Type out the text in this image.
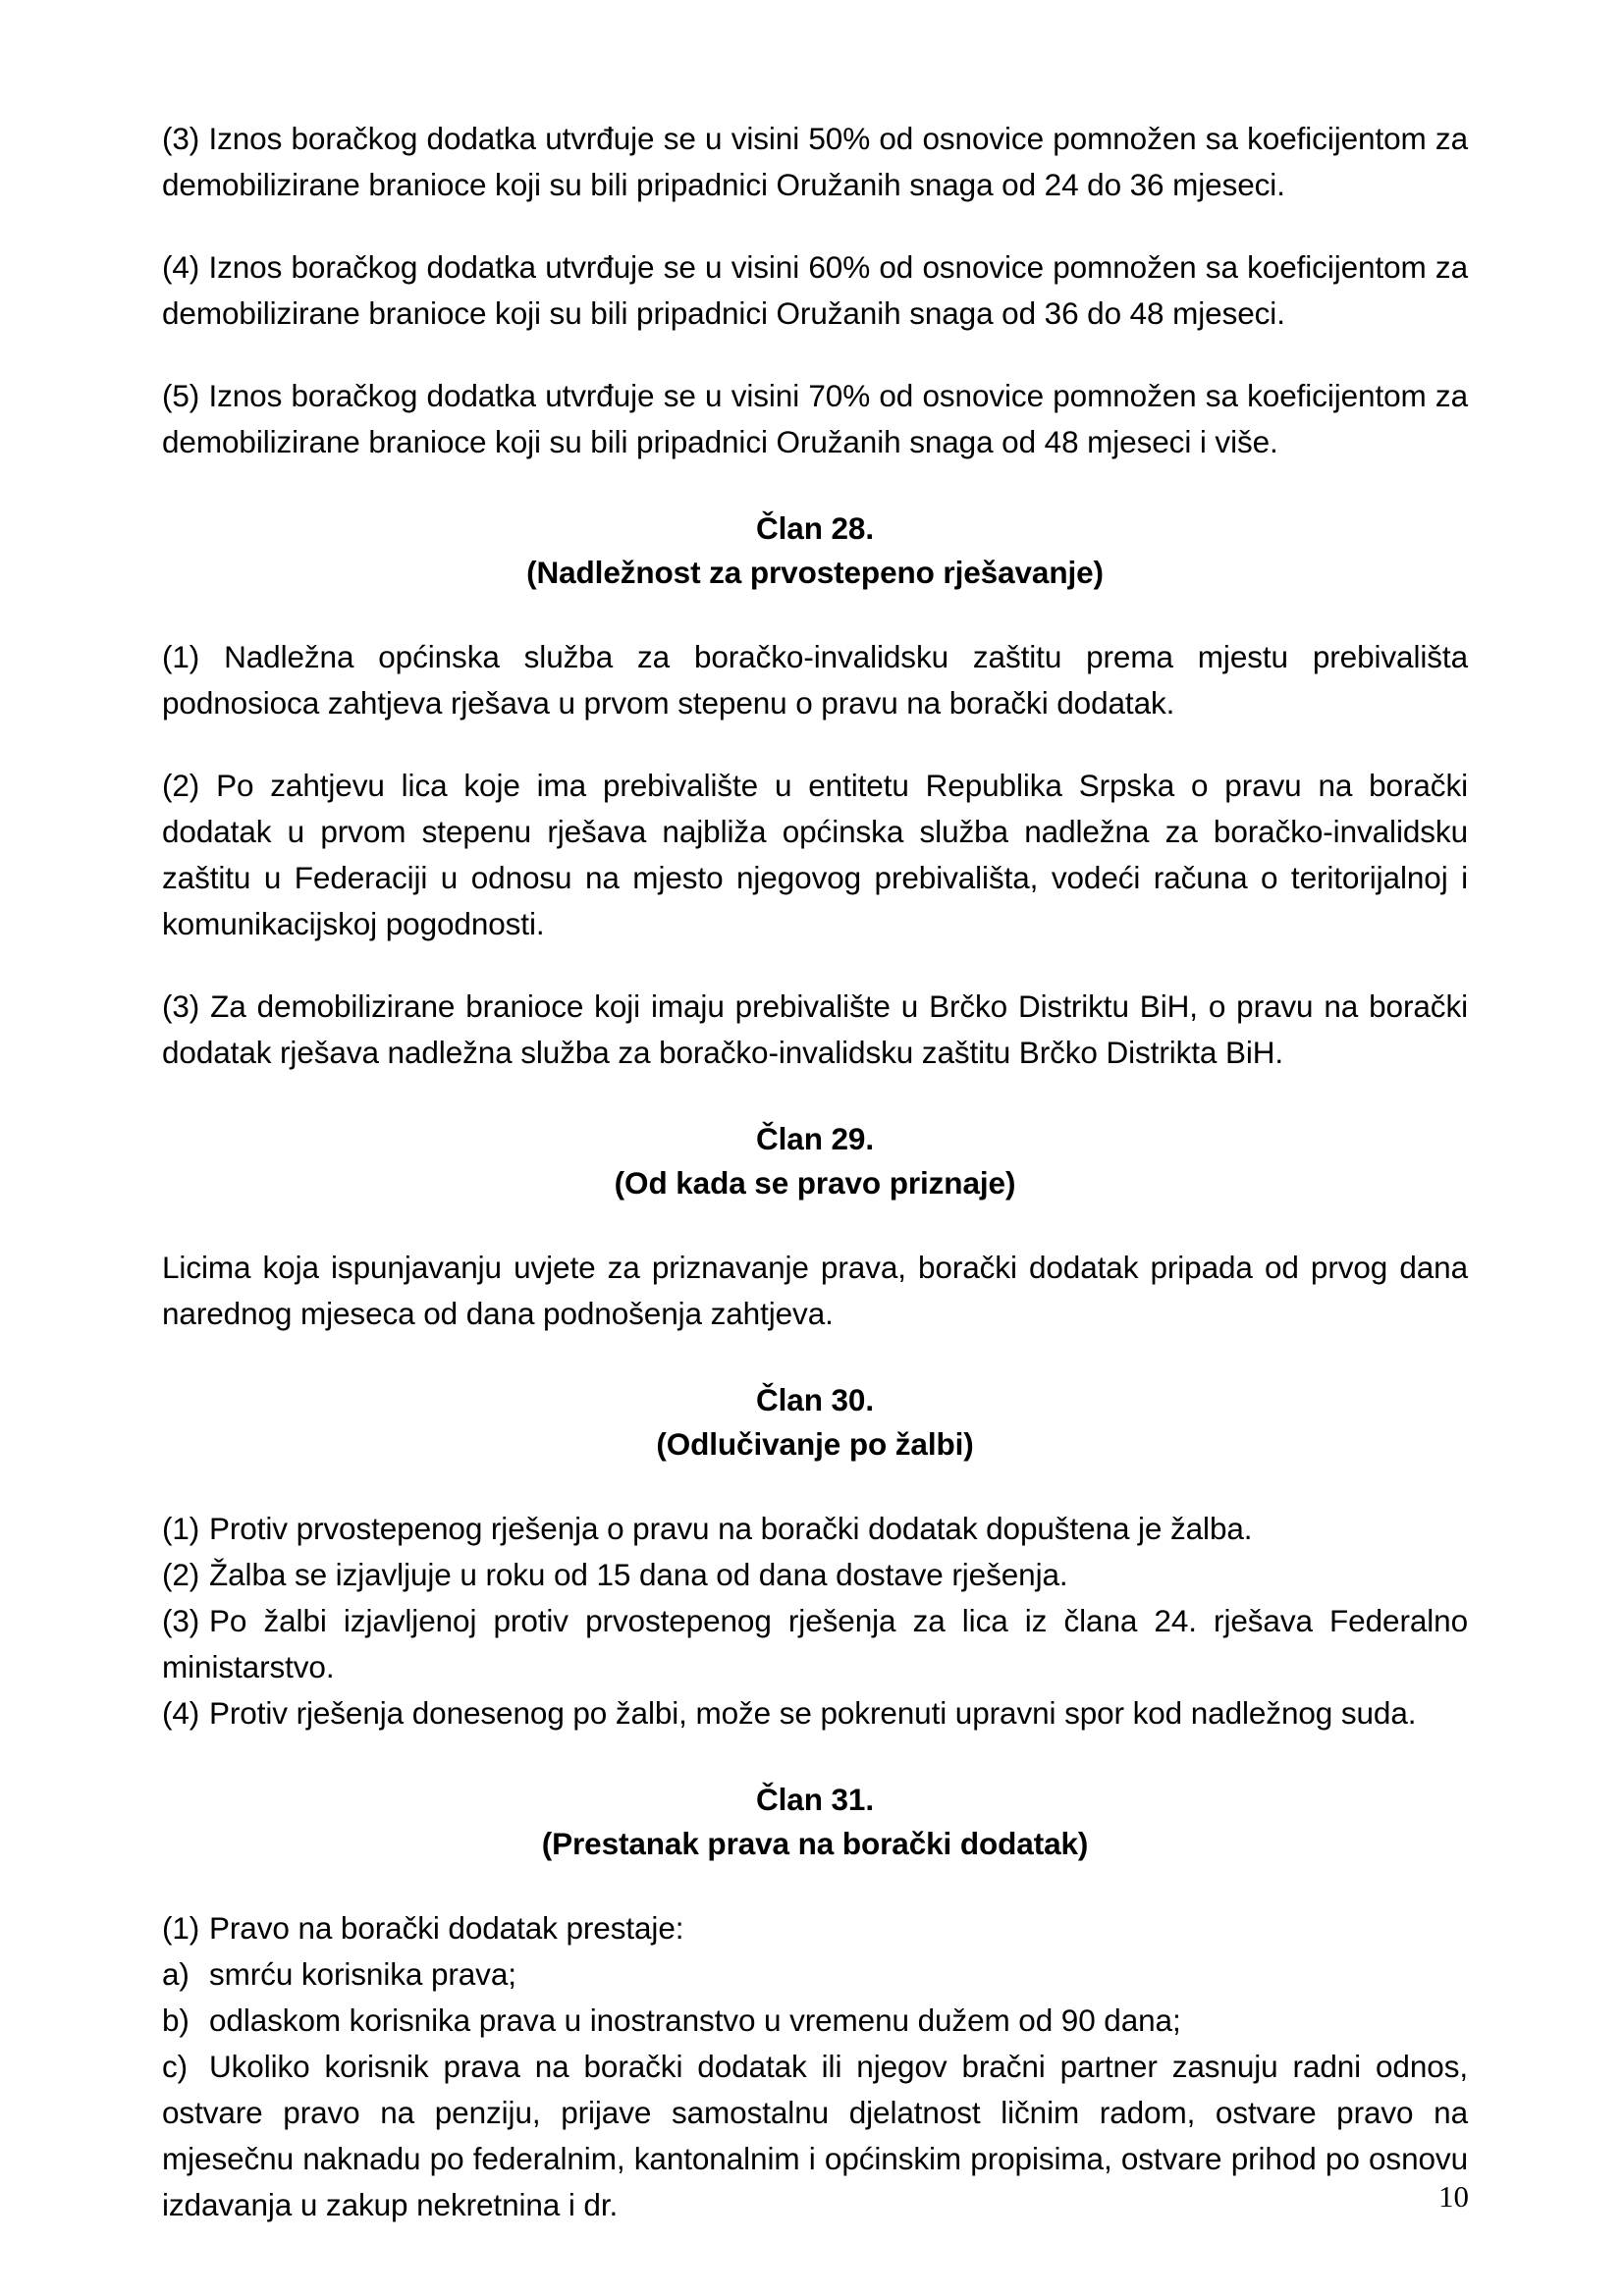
(3) Iznos boračkog dodatka utvrđuje se u visini 50% od osnovice pomnožen sa koeficijentom za demobilizirane branioce koji su bili pripadnici Oružanih snaga od 24 do 36 mjeseci.

(4) Iznos boračkog dodatka utvrđuje se u visini 60% od osnovice pomnožen sa koeficijentom za demobilizirane branioce koji su bili pripadnici Oružanih snaga od 36 do 48 mjeseci.

(5) Iznos boračkog dodatka utvrđuje se u visini 70% od osnovice pomnožen sa koeficijentom za demobilizirane branioce koji su bili pripadnici Oružanih snaga od 48 mjeseci i više.

Član 28.
(Nadležnost za prvostepeno rješavanje)

(1) Nadležna općinska služba za boračko-invalidsku zaštitu prema mjestu prebivališta podnosioca zahtjeva rješava u prvom stepenu o pravu na borački dodatak.

(2) Po zahtjevu lica koje ima prebivalište u entitetu Republika Srpska o pravu na borački dodatak u prvom stepenu rješava najbliža općinska služba nadležna za boračko-invalidsku zaštitu u Federaciji u odnosu na mjesto njegovog prebivališta, vodeći računa o teritorijalnoj i komunikacijskoj pogodnosti.

(3) Za demobilizirane branioce koji imaju prebivalište u Brčko Distriktu BiH, o pravu na borački dodatak rješava nadležna služba za boračko-invalidsku zaštitu Brčko Distrikta BiH.

Član 29.
(Od kada se pravo priznaje)

Licima koja ispunjavanju uvjete za priznavanje prava, borački dodatak pripada od prvog dana narednog mjeseca od dana podnošenja zahtjeva.

Član 30.
(Odlučivanje po žalbi)

(1) Protiv prvostepenog rješenja o pravu na borački dodatak dopuštena je žalba.

(2) Žalba se izjavljuje u roku od 15 dana od dana dostave rješenja.

(3) Po žalbi izjavljenoj protiv prvostepenog rješenja za lica iz člana 24. rješava Federalno ministarstvo.

(4) Protiv rješenja donesenog po žalbi, može se pokrenuti upravni spor kod nadležnog suda.

Član 31.
(Prestanak prava na borački dodatak)

(1) Pravo na borački dodatak prestaje:

a) smrću korisnika prava;

b) odlaskom korisnika prava u inostranstvo u vremenu dužem od 90 dana;

c) Ukoliko korisnik prava na borački dodatak ili njegov bračni partner zasnuju radni odnos, ostvare pravo na penziju, prijave samostalnu djelatnost ličnim radom, ostvare pravo na mjesečnu naknadu po federalnim, kantonalnim i općinskim propisima, ostvare prihod po osnovu izdavanja u zakup nekretnina i dr.	10
